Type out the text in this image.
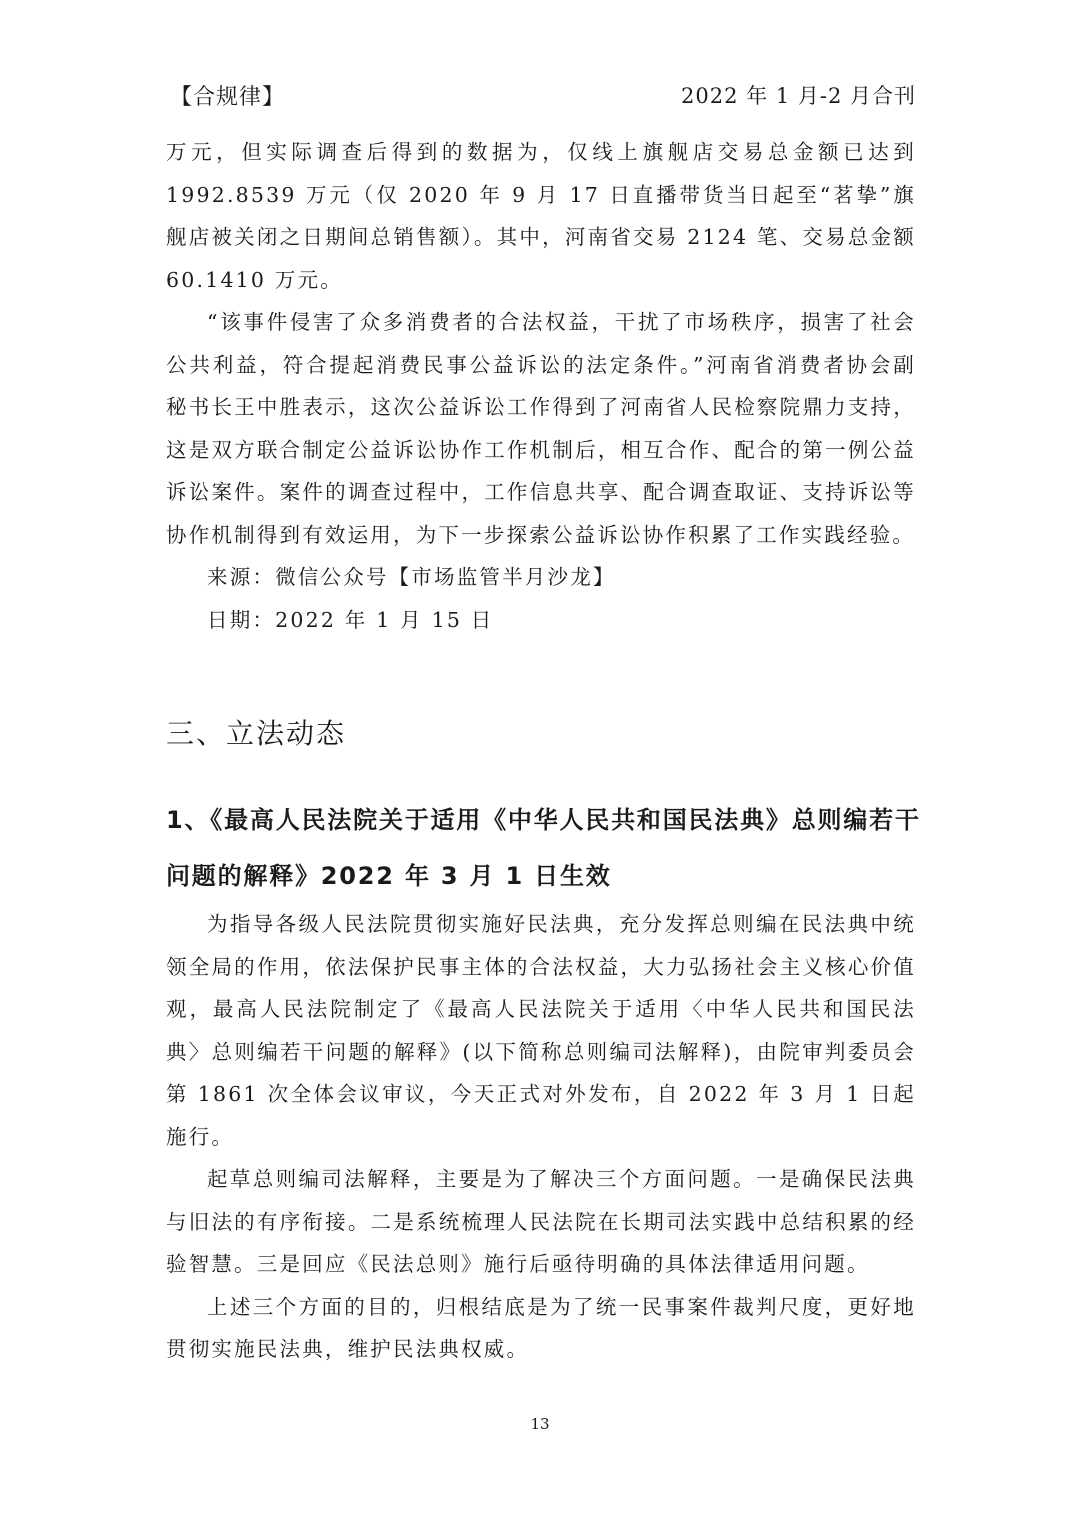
【合规律】	2022 年 1 月-2 月合刊

万元，但实际调查后得到的数据为，仅线上旗舰店交易总金额已达到1992.8539 万元（仅 2020 年 9 月 17 日直播带货当日起至“茗挚”旗舰店被关闭之日期间总销售额）。其中，河南省交易 2124 笔、交易总金额 60.1410 万元。

“该事件侵害了众多消费者的合法权益，干扰了市场秩序，损害了社会公共利益，符合提起消费民事公益诉讼的法定条件。”河南省消费者协会副秘书长王中胜表示，这次公益诉讼工作得到了河南省人民检察院鼎力支持，这是双方联合制定公益诉讼协作工作机制后，相互合作、配合的第一例公益诉讼案件。案件的调查过程中，工作信息共享、配合调查取证、支持诉讼等协作机制得到有效运用，为下一步探索公益诉讼协作积累了工作实践经验。

来源：微信公众号【市场监管半月沙龙】

日期：2022 年 1 月 15 日

三、立法动态
1、《最高人民法院关于适用《中华人民共和国民法典》总则编若干问题的解释》2022 年 3 月 1 日生效

为指导各级人民法院贯彻实施好民法典，充分发挥总则编在民法典中统领全局的作用，依法保护民事主体的合法权益，大力弘扬社会主义核心价值观，最高人民法院制定了《最高人民法院关于适用〈中华人民共和国民法典〉总则编若干问题的解释》(以下简称总则编司法解释)，由院审判委员会第 1861 次全体会议审议，今天正式对外发布，自 2022 年 3 月 1 日起施行。

起草总则编司法解释，主要是为了解决三个方面问题。一是确保民法典与旧法的有序衔接。二是系统梳理人民法院在长期司法实践中总结积累的经验智慧。三是回应《民法总则》施行后亟待明确的具体法律适用问题。

上述三个方面的目的，归根结底是为了统一民事案件裁判尺度，更好地贯彻实施民法典，维护民法典权威。

13
